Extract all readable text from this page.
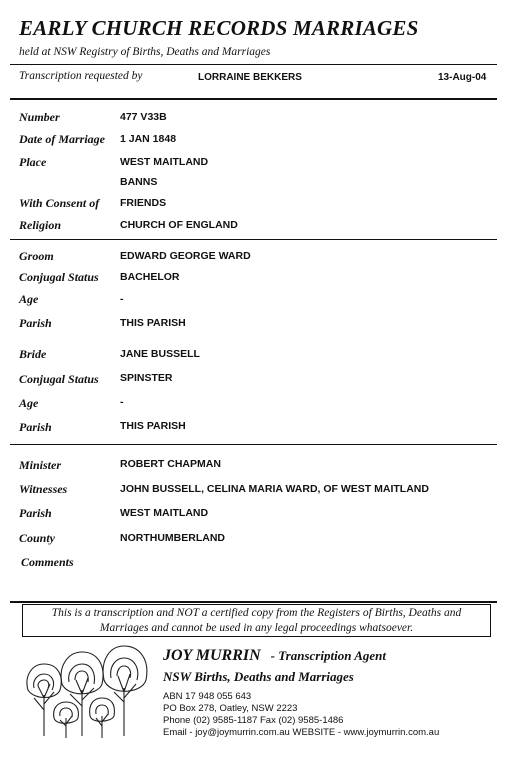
EARLY CHURCH RECORDS MARRIAGES
held at NSW Registry of Births, Deaths and Marriages
Transcription requested by	LORRAINE BEKKERS	13-Aug-04
Number	477 V33B
Date of Marriage 1 JAN 1848
Place	WEST MAITLAND
BANNS
With Consent of FRIENDS
Religion	CHURCH OF ENGLAND
Groom	EDWARD GEORGE WARD
Conjugal Status BACHELOR
Age	-
Parish	THIS PARISH
Bride	JANE BUSSELL
Conjugal Status SPINSTER
Age	-
Parish	THIS PARISH
Minister	ROBERT CHAPMAN
Witnesses	JOHN BUSSELL, CELINA MARIA WARD, OF WEST MAITLAND
Parish	WEST MAITLAND
County	NORTHUMBERLAND
Comments
This is a transcription and NOT a certified copy from the Registers of Births, Deaths and
Marriages and cannot be used in any legal proceedings whatsoever.
JOY MURRIN - Transcription Agent
NSW Births, Deaths and Marriages
ABN 17 948 055 643
PO Box 278, Oatley, NSW 2223
Phone (02) 9585-1187 Fax (02) 9585-1486
Email - joy@joymurrin.com.au WEBSITE - www.joymurrin.com.au
